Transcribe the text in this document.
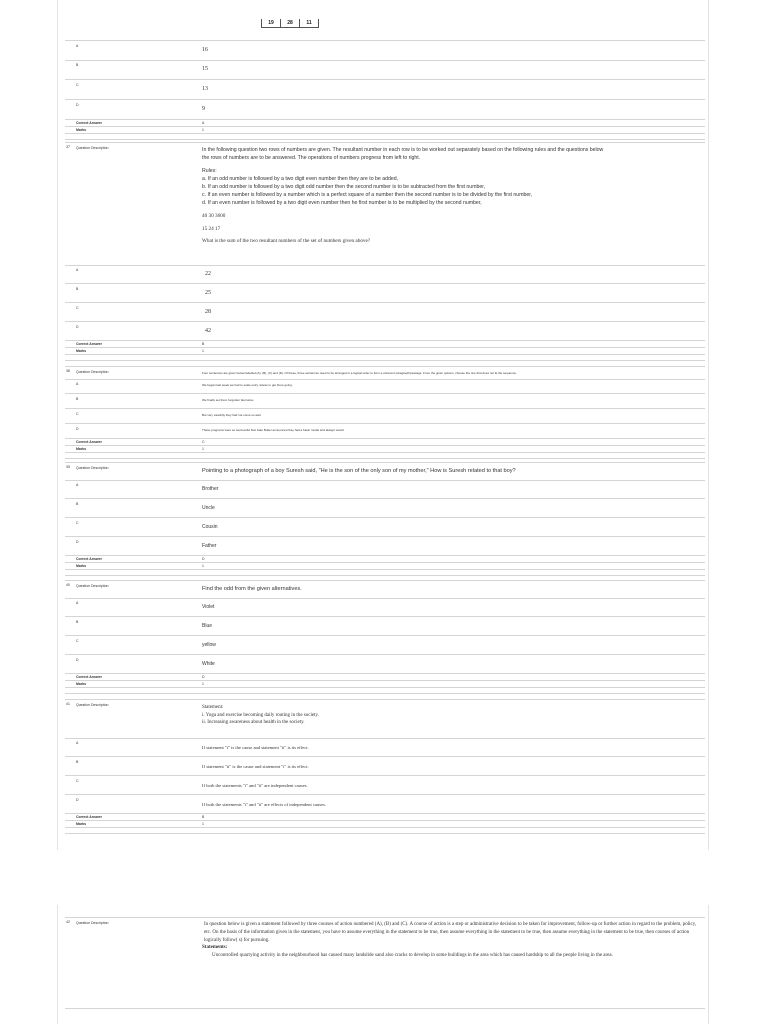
19	28	11
A
16
B
15
C
13
D
9
Correct Answer	A
Marks	1
37 Question Description	In the following question two rows of numbers are given. The resultant number in each row is to be worked out separately based on the following rules and the questions below

the rows of numbers are to be answered. The operations of numbers progress from left to right.

Rules:

a. If an odd number is followed by a two digit even number then they are to be added,

b. If an odd number is followed by a two digit odd number then the second number is to be subtracted from the first number,

c. If an even number is followed by a number which is a perfect square of a number then the second number is to be divided by the first number,

d. If an even number is followed by a two digit even number then he first number is to be multiplied by the second number,

40 30 3600

15 24 17

What is the sum of the two resultant numbers of the set of numbers given above?

A
22
B
25
C
28
D
42
Correct Answer	B
Marks	1
38 Question Description	Four sentences are given below labelled (A), (B), (C) and (D). Of these, three sentences need to be arranged in a logical order to form a coherent paragraph/passage. From the given options, choose the one that does not fit the sequence.
A	We began last week we had to scale entry unless to get there going.
B	We finally set them forgotten fast twice.
C	But very carefully they had not come so well.
D	These programs were so successful that Jake Butler announced they had a basic model and always would.
Correct Answer	C
Marks	1
39 Question Description	Pointing to a photograph of a boy Suresh said, "He is the son of the only son of my mother," How is Suresh related to that boy?
A
Brother
B
Uncle
C
Cousin
D
Father
Correct Answer	D
Marks	1
40 Question Description	Find the odd from the given alternatives.
A
Violet
B
Blue
C
yellow
D
White
Correct Answer	D
Marks	1
41 Question Description	Statement:

i. Yoga and exercise becoming daily routing in the society.

ii. Increasing awareness about health in the society.

A
If statement "i" is the cause and statement "ii" is its effect.
B
If statement "ii" is the cause and statement "i" is its effect.
C
If both the statements "i" and "ii" are independent causes.
D
If both the statements "i" and "ii" are effects of independent causes.
Correct Answer	B
Marks	1
42 Question Description	In question below is given a statement followed by three courses of action numbered (A), (B) and (C). A course of action is a step or administrative decision to be taken for improvement, follow-up or further action in regard to the problem, policy, etc. On the basis of the information given in the statement, you have to assume everything in the statement to be true, then assume everything in the statement to be true, then assume everything in the statement to be true, then courses of action logically follow( s) for pursuing.

Statements:

Uncontrolled quarrying activity in the neighbourhood has caused many landslide sand also cracks to develop in some buildings in the area which has caused hardship to all the people living in the area.
